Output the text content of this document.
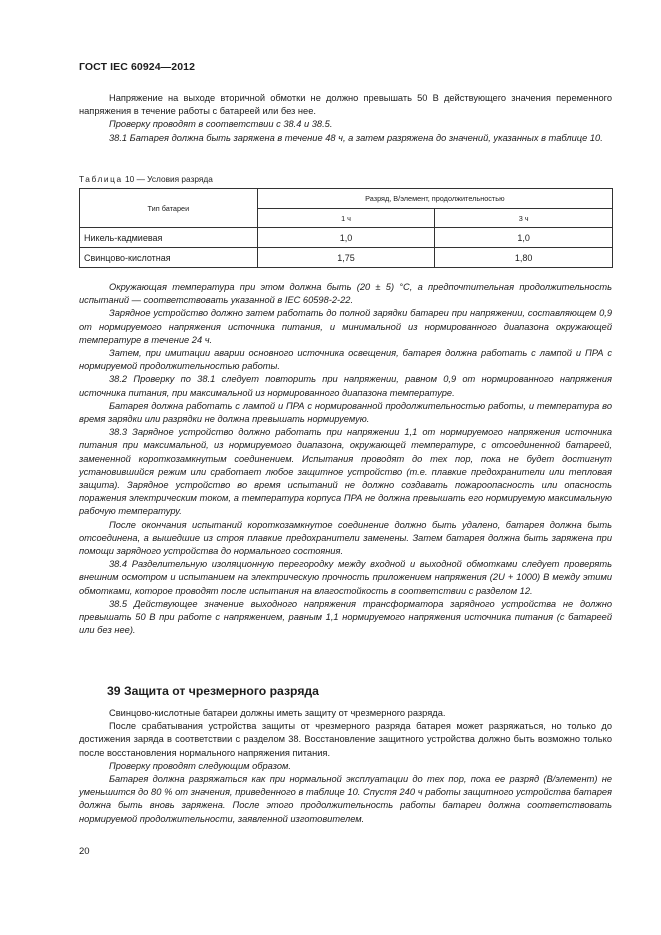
ГОСТ IEC 60924—2012

Напряжение на выходе вторичной обмотки не должно превышать 50 В действующего значения переменного напряжения в течение работы с батареей или без нее.

Проверку проводят в соответствии с 38.4 и 38.5.

38.1 Батарея должна быть заряжена в течение 48 ч, а затем разряжена до значений, указанных в таблице 10.

Таблица 10 — Условия разряда
Тип батареи	Разряд, В/элемент, продолжительностью	
	1 ч	3 ч
Никель-кадмиевая	1,0	1,0
Свинцово-кислотная	1,75	1,80

Окружающая температура при этом должна быть (20 ± 5) °С, а предпочтительная продолжительность испытаний — соответствовать указанной в IEC 60598-2-22.

Зарядное устройство должно затем работать до полной зарядки батареи при напряжении, составляющем 0,9 от нормируемого напряжения источника питания, и минимальной из нормированного диапазона окружающей температуре в течение 24 ч.

Затем, при имитации аварии основного источника освещения, батарея должна работать с лампой и ПРА с нормируемой продолжительностью работы.

38.2 Проверку по 38.1 следует повторить при напряжении, равном 0,9 от нормированного напряжения источника питания, при максимальной из нормированного диапазона температуре.

Батарея должна работать с лампой и ПРА с нормированной продолжительностью работы, и температура во время зарядки или разрядки не должна превышать нормируемую.

38.3 Зарядное устройство должно работать при напряжении 1,1 от нормируемого напряжения источника питания при максимальной, из нормируемого диапазона, окружающей температуре, с отсоединенной батареей, замененной короткозамкнутым соединением. Испытания проводят до тех пор, пока не будет достигнут установившийся режим или сработает любое защитное устройство (т.е. плавкие предохранители или тепловая защита). Зарядное устройство во время испытаний не должно создавать пожароопасность или опасность поражения электрическим током, а температура корпуса ПРА не должна превышать его нормируемую максимальную рабочую температуру.

После окончания испытаний короткозамкнутое соединение должно быть удалено, батарея должна быть отсоединена, а вышедшие из строя плавкие предохранители заменены. Затем батарея должна быть заряжена при помощи зарядного устройства до нормального состояния.

38.4 Разделительную изоляционную перегородку между входной и выходной обмотками следует проверять внешним осмотром и испытанием на электрическую прочность приложением напряжения (2U + 1000) В между этими обмотками, которое проводят после испытания на влагостойкость в соответствии с разделом 12.

38.5 Действующее значение выходного напряжения трансформатора зарядного устройства не должно превышать 50 В при работе с напряжением, равным 1,1 нормируемого напряжения источника питания (с батареей или без нее).

39 Защита от чрезмерного разряда

Свинцово-кислотные батареи должны иметь защиту от чрезмерного разряда.

После срабатывания устройства защиты от чрезмерного разряда батарея может разряжаться, но только до достижения заряда в соответствии с разделом 38. Восстановление защитного устройства должно быть возможно только после восстановления нормального напряжения питания.

Проверку проводят следующим образом.

Батарея должна разряжаться как при нормальной эксплуатации до тех пор, пока ее разряд (В/элемент) не уменьшится до 80 % от значения, приведенного в таблице 10. Спустя 240 ч работы защитного устройства батарея должна быть вновь заряжена. После этого продолжительность работы батареи должна соответствовать нормируемой продолжительности, заявленной изготовителем.

20
